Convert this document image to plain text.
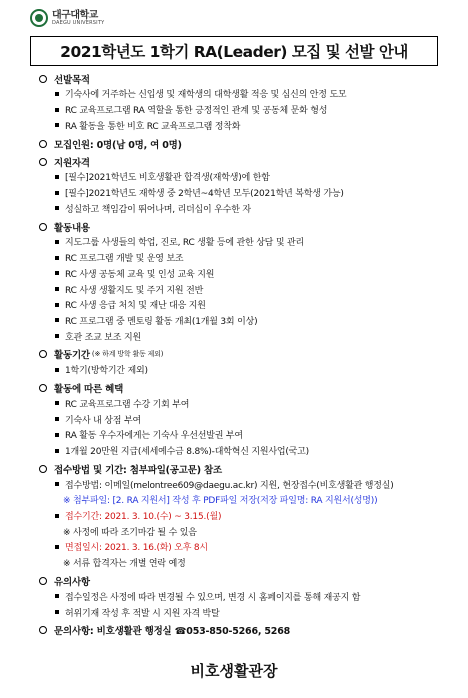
대구대학교
DAEGU UNIVERSITY
2021학년도 1학기 RA(Leader) 모집 및 선발 안내
선발목적
기숙사에 거주하는 신입생 및 재학생의 대학생활 적응 및 심신의 안정 도모
RC 교육프로그램 RA 역할을 통한 긍정적인 관계 및 공동체 문화 형성
RA 활동을 통한 비호 RC 교육프로그램 정착화
모집인원: 0명(남 0명, 여 0명)
지원자격
[필수]2021학년도 비호생활관 합격생(재학생)에 한함
[필수]2021학년도 재학생 중 2학년~4학년 모두(2021학년 복학생 가능)
성실하고 책임감이 뛰어나며, 리더십이 우수한 자
활동내용
지도그룹 사생들의 학업, 진로, RC 생활 등에 관한 상담 및 관리
RC 프로그램 개발 및 운영 보조
RC 사생 공동체 교육 및 인성 교육 지원
RC 사생 생활지도 및 주거 지원 전반
RC 사생 응급 처치 및 재난 대응 지원
RC 프로그램 중 멘토링 활동 개최(1개월 3회 이상)
호관 조교 보조 지원
활동기간 (※ 하계 방학 활동 제외)
1학기(방학기간 제외)
활동에 따른 혜택
RC 교육프로그램 수강 기회 부여
기숙사 내 상점 부여
RA 활동 우수자에게는 기숙사 우선선발권 부여
1개월 20만원 지급(세세예수금 8.8%)-대학혁신 지원사업(국고)
접수방법 및 기간: 첨부파일(공고문) 참조
접수방법: 이메일(melontree609@daegu.ac.kr) 지원, 현장접수(비호생활관 행정실)
※ 첨부파일: [2. RA 지원서] 작성 후 PDF파일 저장(저장 파일명: RA 지원서(성명))
접수기간: 2021. 3. 10.(수) ~ 3.15.(월)
※ 사정에 따라 조기마감 될 수 있음
면접일시: 2021. 3. 16.(화) 오후 8시
※ 서류 합격자는 개별 연락 예정
유의사항
접수일정은 사정에 따라 변경될 수 있으며, 변경 시 홈페이지를 통해 재공지 함
허위기재 작성 후 적발 시 지원 자격 박탈
문의사항: 비호생활관 행정실 ☎053-850-5266, 5268
비호생활관장
